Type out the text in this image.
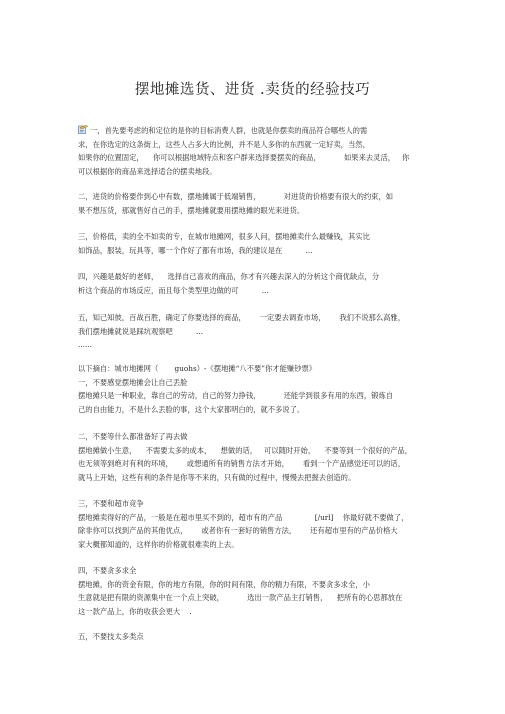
摆地摊选货、进货 .卖货的经验技巧
一，首先要考虑的和定位的是你的目标消费人群，也就是你摆卖的商品符合哪些人的需
求，在你选定的这条街上，这些人占多大的比例，并不是人多你的东西就一定好卖，当然，
如果你的位置固定，    你可以根据地域特点和客户群来选择要摆卖的商品，          如果来去灵活，   你
可以根据你的商品来选择适合的摆卖地段。
二，进货的价格要作到心中有数，摆地摊属于低端销售，          对进货的价格要有很大的约束，如
果不想压货，那就售好自己的手，摆地摊就要用摆地摊的眼光来进货。
三，价格低，卖的全不如卖的专，在城市地摊网，很多人问，摆地摊卖什么最赚钱，其实比
如饰品，服装，玩具等，哪一个作好了都有市场，我的建议是在          ...
四，兴趣是最好的老师，    选择自己喜欢的商品，你才有兴趣去深入的分析这个商优缺点，分
析这个商品的市场反应，而且每个类型里边做的可          ...
五，知己知彼，百战百胜，确定了你要选择的商品，      一定要去调查市场，      我们不说那么高雅，
我们摆地摊就说是踩坑观察吧          ...
......
以下摘自：城市地摊网（       guohs）-《摆地摊“八不要”你才能赚钞票》
一，不要感觉摆地摊会让自己丢脸
摆地摊只是一种职业，靠自己的劳动，自己的努力挣钱，          还能学到很多有用的东西，锻炼自
己的自由能力，不是什么丢脸的事，这个大家都明白的，就不多说了。
二，不要等什么都准备好了再去做
摆地摊做小生意，    不需要太多的成本，    想做的话，   可以随时开始，    不要等到一个很好的产品，
也无须等到绝对有利的环境，      或想通所有的销售方法才开始，      看到一个产品感觉还可以的话，
就马上开始，这些有利的条件是你等不来的，只有做的过程中，慢慢去把握去创造的。
三，不要和超市竞争
摆地摊卖得好的产品，一般是在超市里买不到的，超市有的产品              [/url]    你最好就不要做了，
除非你可以找到产品的其他优点，      或者你有一套好的销售方法，      还有超市里有的产品价格大
家大概都知道的，这样你的价格就很难卖的上去。
四，不要贪多求全
摆地摊，你的资金有限，你的地方有限，你的时间有限，你的精力有限，不要贪多求全，小
生意就是把有限的资源集中在一个点上突破，          选出一款产品主打销售，    把所有的心思都放在
这一款产品上，你的收获会更大    .
五，不要技太多类点
